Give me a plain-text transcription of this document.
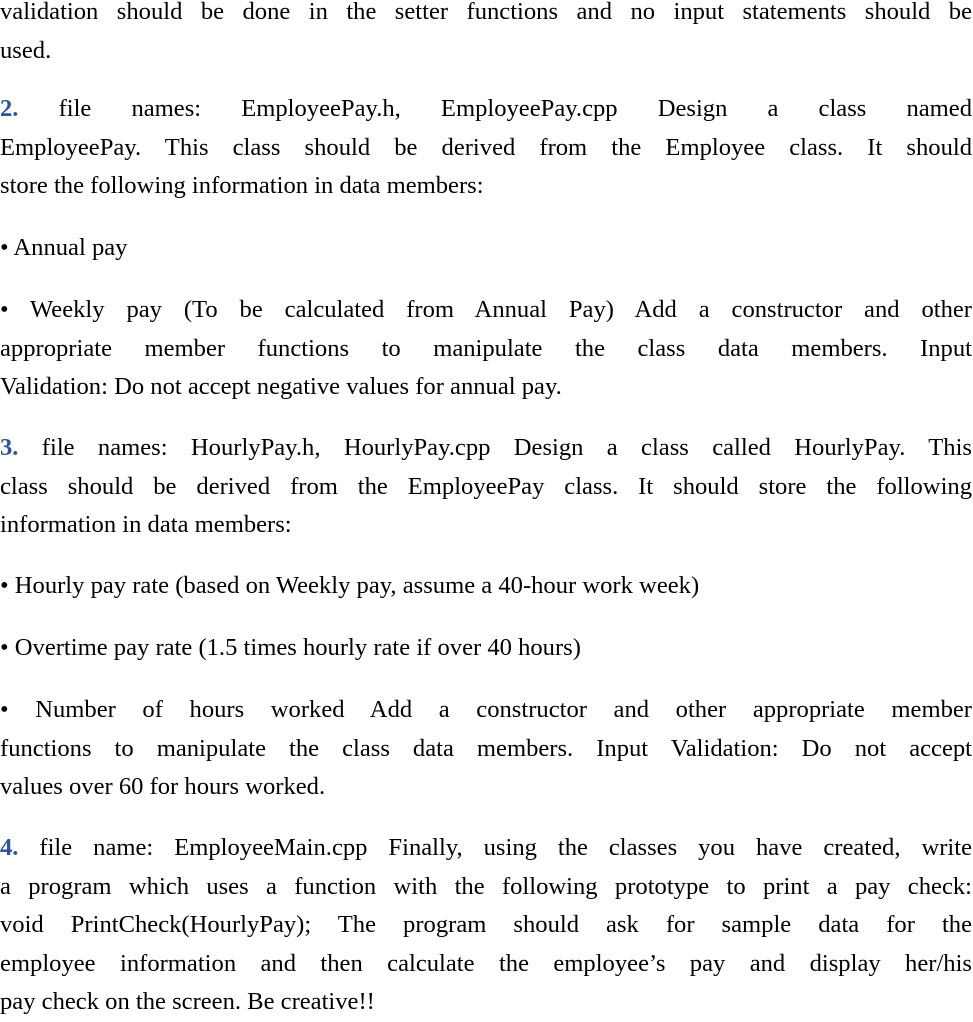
validation should be done in the setter functions and no input statements should be
used.
2. file names: EmployeePay.h, EmployeePay.cpp Design a class named
EmployeePay. This class should be derived from the Employee class. It should
store the following information in data members:
• Annual pay
• Weekly pay (To be calculated from Annual Pay) Add a constructor and other
appropriate member functions to manipulate the class data members. Input
Validation: Do not accept negative values for annual pay.
3. file names: HourlyPay.h, HourlyPay.cpp Design a class called HourlyPay. This
class should be derived from the EmployeePay class. It should store the following
information in data members:
• Hourly pay rate (based on Weekly pay, assume a 40-hour work week)
• Overtime pay rate (1.5 times hourly rate if over 40 hours)
• Number of hours worked Add a constructor and other appropriate member
functions to manipulate the class data members. Input Validation: Do not accept
values over 60 for hours worked.
4. file name: EmployeeMain.cpp Finally, using the classes you have created, write
a program which uses a function with the following prototype to print a pay check:
void PrintCheck(HourlyPay); The program should ask for sample data for the
employee information and then calculate the employee’s pay and display her/his
pay check on the screen. Be creative!!
